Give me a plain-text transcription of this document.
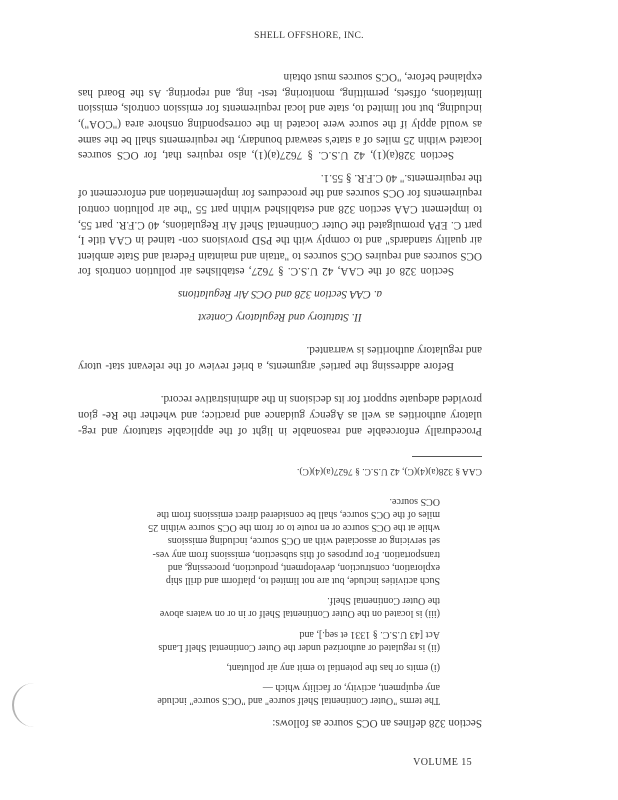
SHELL OFFSHORE, INC.

Section 328 defines an OCS source as follows:

The terms "Outer Continental Shelf source" and "OCS source" include

any equipment, activity, or facility which —

(i) emits or has the potential to emit any air pollutant,

(ii) is regulated or authorized under the Outer Continental Shelf Lands

Act [43 U.S.C. § 1331 et seq.], and

(iii) is located on the Outer Continental Shelf or in or on waters above

the Outer Continental Shelf.

Such activities include, but are not limited to, platform and drill ship

exploration, construction, development, production, processing, and

transportation. For purposes of this subsection, emissions from any ves-

sel servicing or associated with an OCS source, including emissions

while at the OCS source or en route to or from the OCS source within 25

miles of the OCS source, shall be considered direct emissions from the

OCS source.

CAA § 328(a)(4)(C), 42 U.S.C. § 7627(a)(4)(C).

Procedurally enforceable and reasonable in light of the applicable statutory and reg- ulatory authorities as well as Agency guidance and practice; and whether the Re- gion provided adequate support for its decisions in the administrative record.

Before addressing the parties' arguments, a brief review of the relevant stat- utory and regulatory authorities is warranted.

II. Statutory and Regulatory Context

a. CAA Section 328 and OCS Air Regulations

Section 328 of the CAA, 42 U.S.C. § 7627, establishes air pollution controls for OCS sources and requires OCS sources to "attain and maintain Federal and State ambient air quality standards" and to comply with the PSD provisions con- tained in CAA title I, part C. EPA promulgated the Outer Continental Shelf Air Regulations, 40 C.F.R. part 55, to implement CAA section 328 and established within part 55 "the air pollution control requirements for OCS sources and the procedures for implementation and enforcement of the requirements." 40 C.F.R. § 55.1.

Section 328(a)(1), 42 U.S.C. § 7627(a)(1), also requires that, for OCS sources located within 25 miles of a state's seaward boundary, the requirements shall be the same as would apply if the source were located in the corresponding onshore area ("COA"), including, but not limited to, state and local requirements for emission controls, emission limitations, offsets, permitting, monitoring, test- ing, and reporting. As the Board has explained before, "OCS sources must obtain

VOLUME 15
